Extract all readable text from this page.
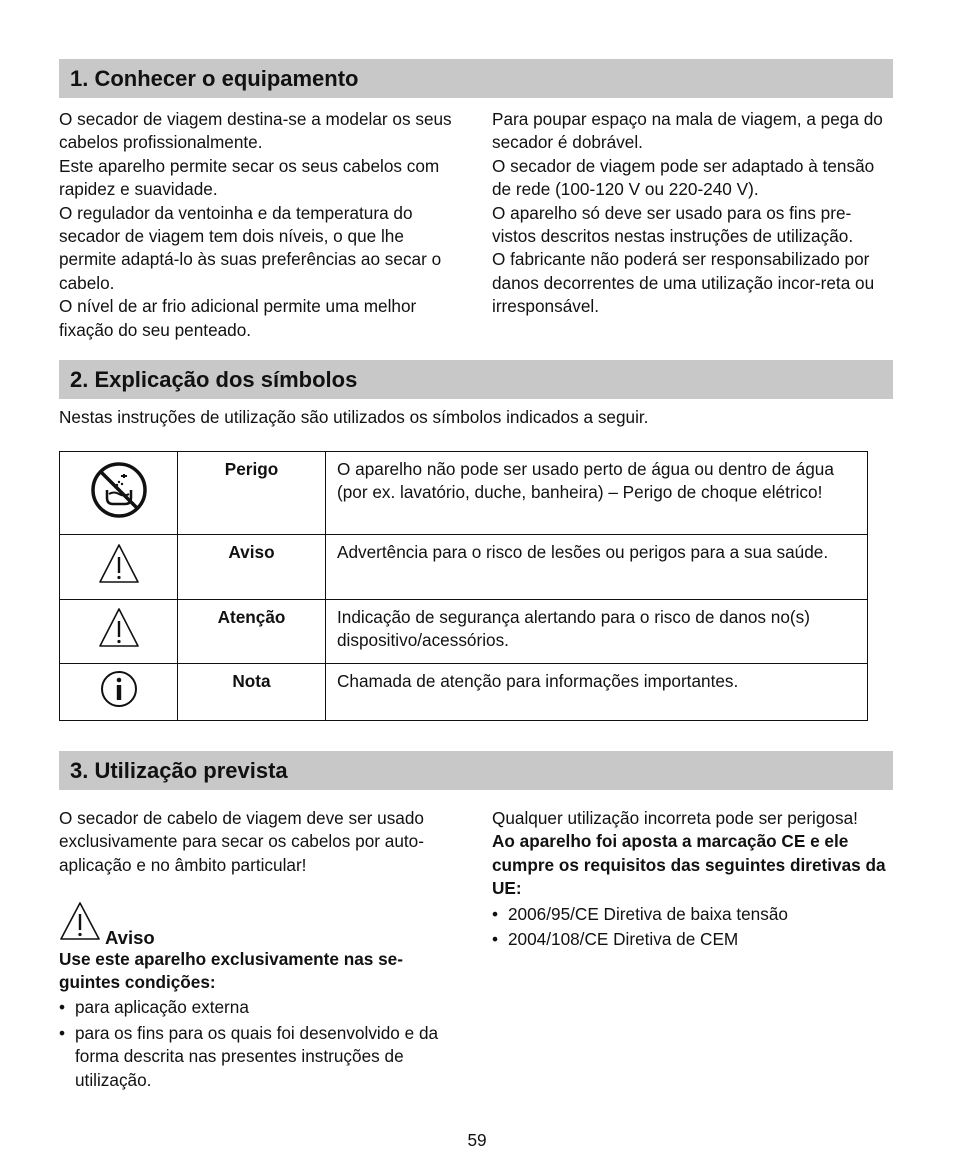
1. Conhecer o equipamento

O secador de viagem destina-se a modelar os seus cabelos profissionalmente.

Este aparelho permite secar os seus cabelos com rapidez e suavidade.

O regulador da ventoinha e da temperatura do secador de viagem tem dois níveis, o que lhe permite adaptá-lo às suas preferências ao secar o cabelo.

O nível de ar frio adicional permite uma melhor fixação do seu penteado.

Para poupar espaço na mala de viagem, a pega do secador é dobrável.

O secador de viagem pode ser adaptado à tensão de rede (100-120 V ou 220-240 V).

O aparelho só deve ser usado para os fins pre-vistos descritos nestas instruções de utilização.

O fabricante não poderá ser responsabilizado por danos decorrentes de uma utilização incor-reta ou irresponsável.

2. Explicação dos símbolos
Nestas instruções de utilização são utilizados os símbolos indicados a seguir.
	Perigo	O aparelho não pode ser usado perto de água ou dentro de água (por ex. lavatório, duche, banheira) – Perigo de choque elétrico!
	Aviso	Advertência para o risco de lesões ou perigos para a sua saúde.
	Atenção	Indicação de segurança alertando para o risco de danos no(s) dispositivo/acessórios.
	Nota	Chamada de atenção para informações importantes.
3. Utilização prevista

O secador de cabelo de viagem deve ser usado exclusivamente para secar os cabelos por auto-aplicação e no âmbito particular!

Aviso

Use este aparelho exclusivamente nas se-guintes condições:

• para aplicação externa
• para os fins para os quais foi desenvolvido e da forma descrita nas presentes instruções de utilização.

Qualquer utilização incorreta pode ser perigosa!

Ao aparelho foi aposta a marcação CE e ele cumpre os requisitos das seguintes diretivas da UE:

• 2006/95/CE Diretiva de baixa tensão
• 2004/108/CE Diretiva de CEM
59
